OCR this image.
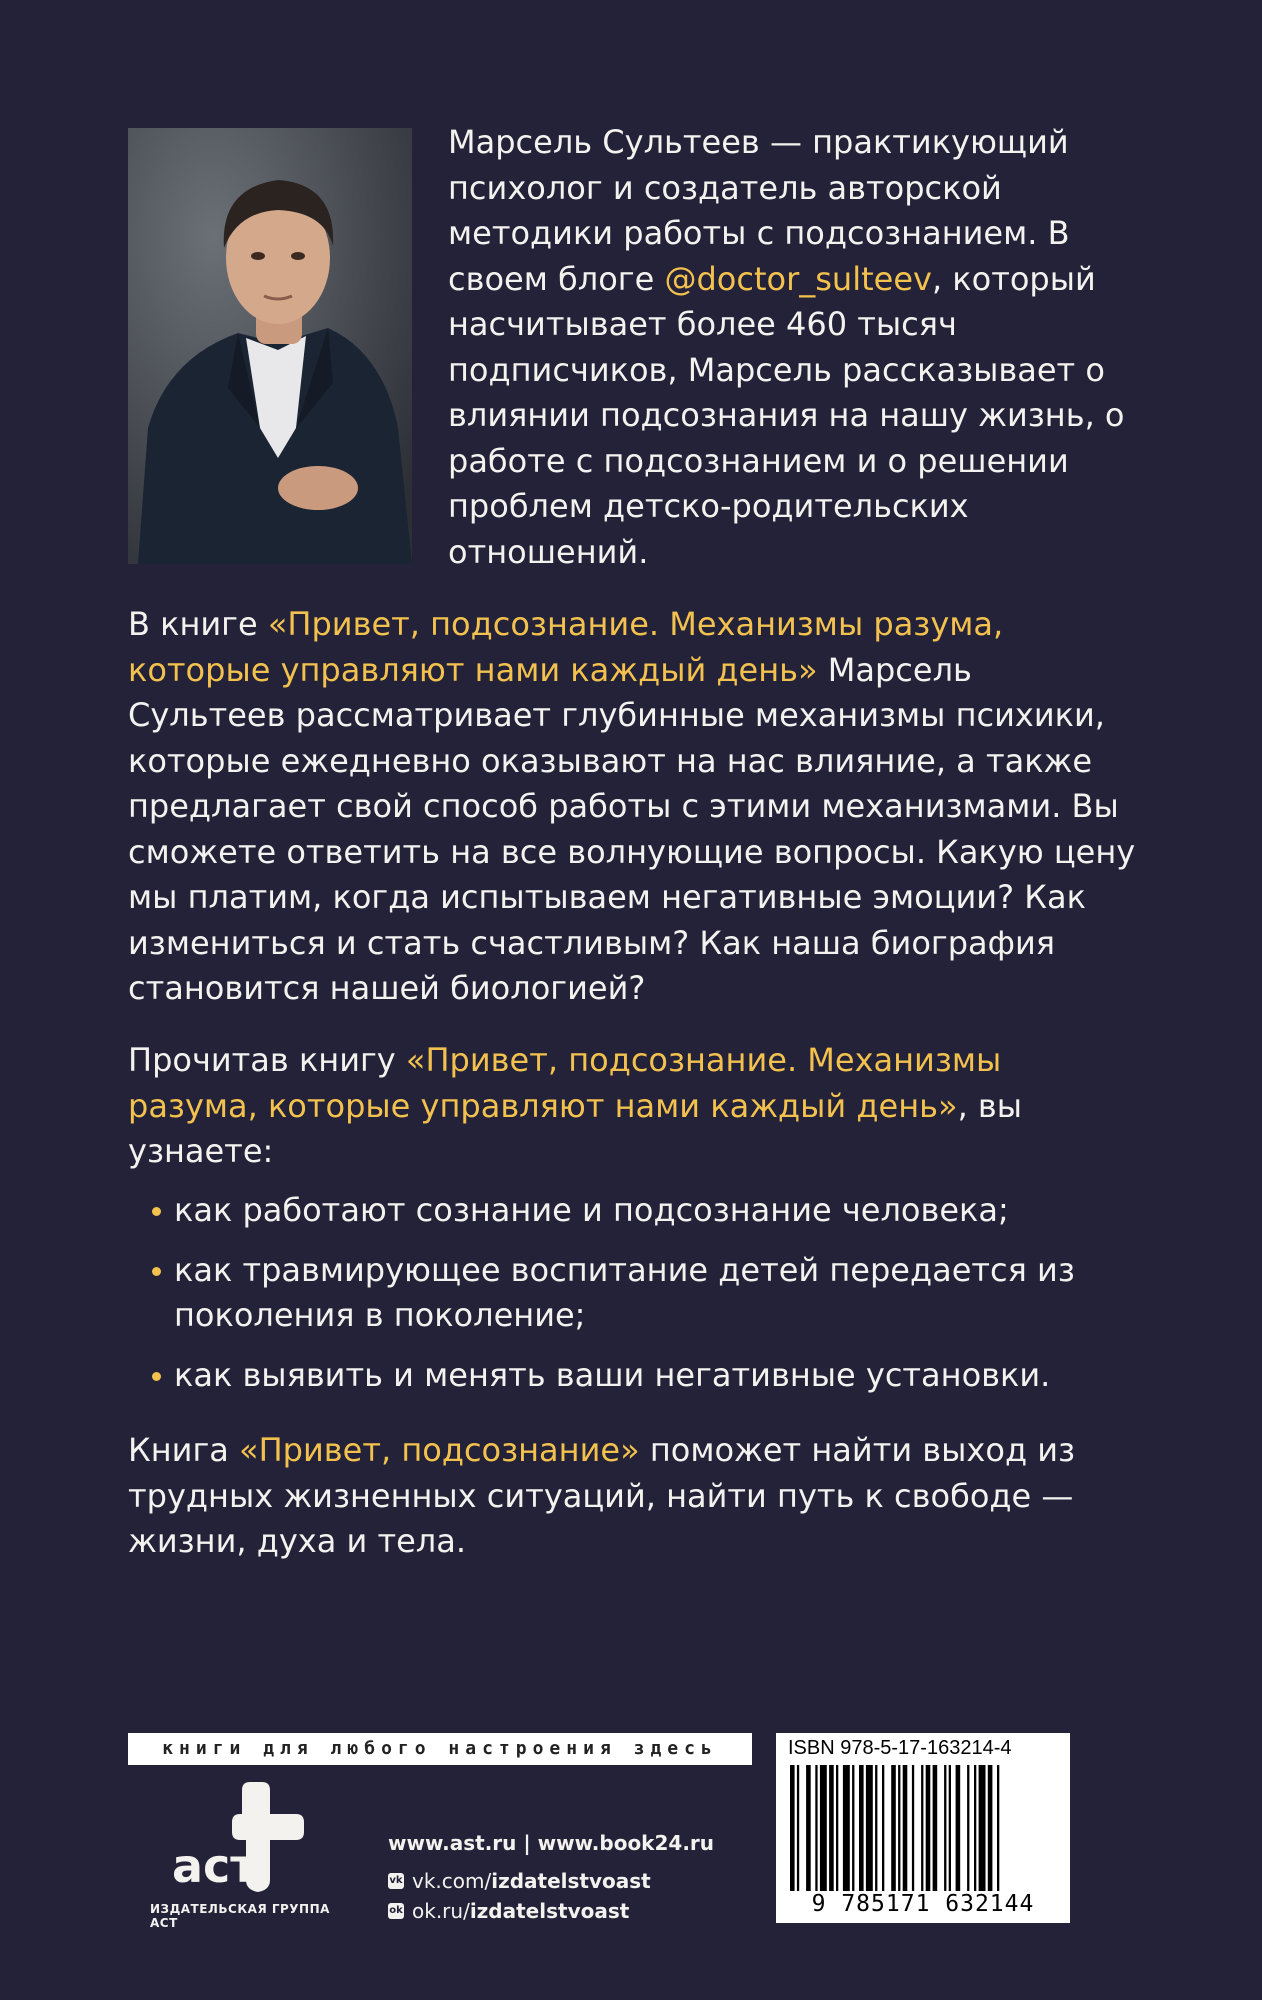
Марсель Сультеев — практикующий психолог и создатель авторской методики работы с подсознанием. В своем блоге @doctor_sulteev, который насчитывает более 460 тысяч подписчиков, Марсель рассказывает о влиянии подсознания на нашу жизнь, о работе с подсознанием и о решении проблем детско-родительских отношений.
В книге «Привет, подсознание. Механизмы разума, которые управляют нами каждый день» Марсель Сультеев рассматривает глубинные механизмы психики, которые ежедневно оказывают на нас влияние, а также предлагает свой способ работы с этими механизмами. Вы сможете ответить на все волнующие вопросы. Какую цену мы платим, когда испытываем негативные эмоции? Как измениться и стать счастливым? Как наша биография становится нашей биологией?
Прочитав книгу «Привет, подсознание. Механизмы разума, которые управляют нами каждый день», вы узнаете:
как работают сознание и подсознание человека;
как травмирующее воспитание детей передается из поколения в поколение;
как выявить и менять ваши негативные установки.
Книга «Привет, подсознание» поможет найти выход из трудных жизненных ситуаций, найти путь к свободе — жизни, духа и тела.
книги для любого настроения здесь
аст
ИЗДАТЕЛЬСКАЯ ГРУППА АСТ
www.ast.ru | www.book24.ru
vk vk.com/ izdatelstvoast
ok ok.ru/ izdatelstvoast
ISBN 978-5-17-163214-4
9 785171 632144
